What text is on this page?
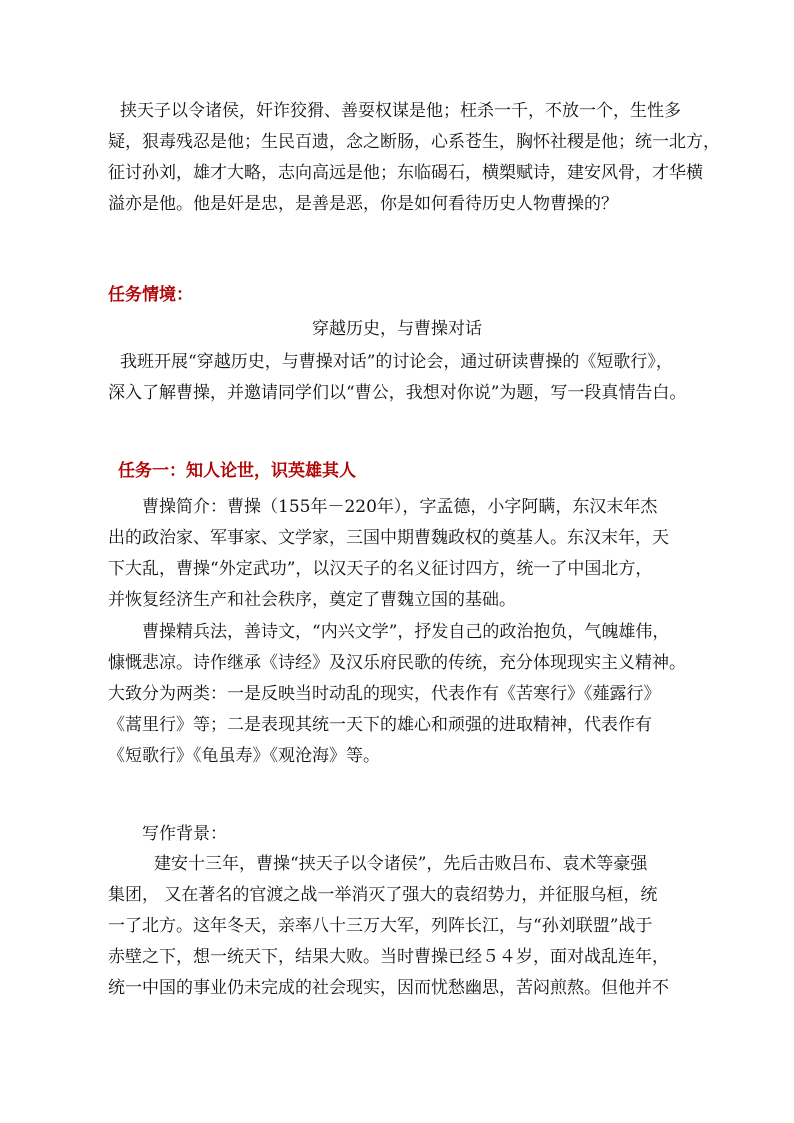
挟天子以令诸侯，奸诈狡猾、善耍权谋是他；枉杀一千，不放一个，生性多
疑，狠毒残忍是他；生民百遗，念之断肠，心系苍生，胸怀社稷是他；统一北方，
征讨孙刘，雄才大略，志向高远是他；东临碣石，横槊赋诗，建安风骨，才华横
溢亦是他。他是奸是忠，是善是恶，你是如何看待历史人物曹操的？
任务情境：
穿越历史，与曹操对话
我班开展“穿越历史，与曹操对话”的讨论会，通过研读曹操的《短歌行》，
深入了解曹操，并邀请同学们以“曹公，我想对你说”为题，写一段真情告白。
任务一：知人论世，识英雄其人
曹操简介：曹操（155年－220年），字孟德，小字阿瞒，东汉末年杰
出的政治家、军事家、文学家，三国中期曹魏政权的奠基人。东汉末年，天
下大乱，曹操“外定武功”，以汉天子的名义征讨四方，统一了中国北方，
并恢复经济生产和社会秩序，奠定了曹魏立国的基础。
曹操精兵法，善诗文，“内兴文学”，抒发自己的政治抱负，气魄雄伟，
慷慨悲凉。诗作继承《诗经》及汉乐府民歌的传统，充分体现现实主义精神。
大致分为两类：一是反映当时动乱的现实，代表作有《苦寒行》《薤露行》
《蒿里行》等；二是表现其统一天下的雄心和顽强的进取精神，代表作有
《短歌行》《龟虽寿》《观沧海》等。
写作背景：
建安十三年，曹操“挟天子以令诸侯”，先后击败吕布、袁术等豪强
集团， 又在著名的官渡之战一举消灭了强大的袁绍势力，并征服乌桓，统
一了北方。这年冬天，亲率八十三万大军，列阵长江，与“孙刘联盟”战于
赤壁之下，想一统天下，结果大败。当时曹操已经５４岁，面对战乱连年，
统一中国的事业仍未完成的社会现实，因而忧愁幽思，苦闷煎熬。但他并不
